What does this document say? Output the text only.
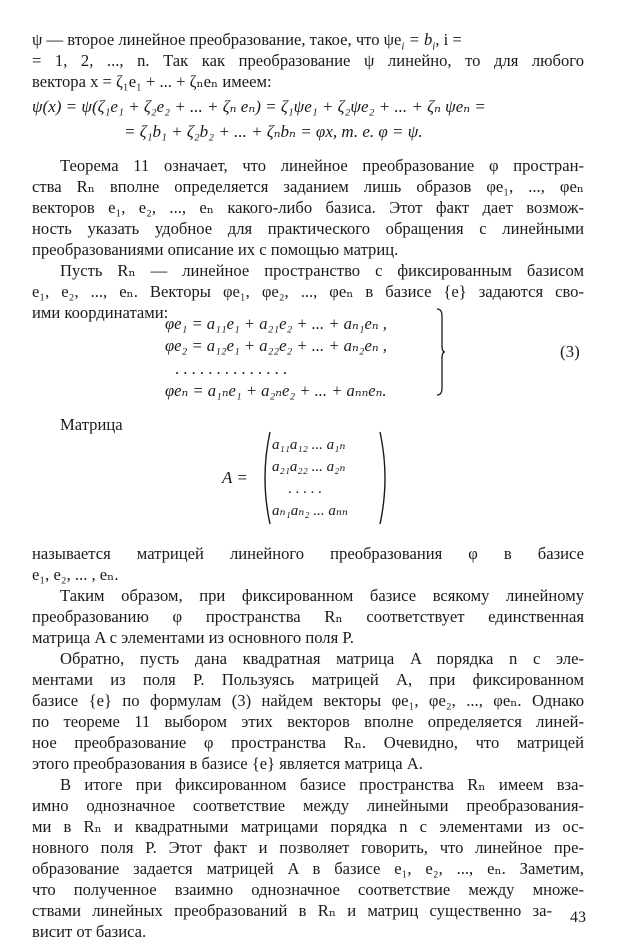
ψ — второе линейное преобразование, такое, что $\psi e_i = b_i$, i =
= 1, 2, ..., n. Так как преобразование ψ линейно, то для любого
вектора x = ζ₁e₁ + ... + ζₙeₙ имеем:
ψ(x) = ψ(ζ₁e₁ + ζ₂e₂ + ... + ζₙ eₙ) = ζ₁ψe₁ + ζ₂ψe₂ + ... + ζₙ ψeₙ =
= ζ₁b₁ + ζ₂b₂ + ... + ζₙbₙ = φx, т. е. φ = ψ.
Теорема 11 означает, что линейное преобразование φ простран-
ства Rₙ вполне определяется заданием лишь образов φe₁, ..., φeₙ
векторов e₁, e₂, ..., eₙ какого-либо базиса. Этот факт дает возмож-
ность указать удобное для практического обращения с линейными
преобразованиями описание их с помощью матриц.
Пусть Rₙ — линейное пространство с фиксированным базисом
e₁, e₂, ..., eₙ. Векторы φe₁, φe₂, ..., φeₙ в базисе {e} задаются сво-
ими координатами:
φe₁ = a₁₁e₁ + a₂₁e₂ + ... + aₙ₁eₙ ,
φe₂ = a₁₂e₁ + a₂₂e₂ + ... + aₙ₂eₙ ,
. . . . . . . . . . . . . .
φeₙ = a₁ₙe₁ + a₂ₙe₂ + ... + aₙₙeₙ.
(3)
Матрица
A =
a₁₁a₁₂ ... a₁ₙ
a₂₁a₂₂ ... a₂ₙ
. . . . .
aₙ₁aₙ₂ ... aₙₙ
называется матрицей линейного преобразования φ в базисе
e₁, e₂, ... , eₙ.
Таким образом, при фиксированном базисе всякому линейному
преобразованию φ пространства Rₙ соответствует единственная
матрица A с элементами из основного поля P.
Обратно, пусть дана квадратная матрица A порядка n с эле-
ментами из поля P. Пользуясь матрицей A, при фиксированном
базисе {e} по формулам (3) найдем векторы φe₁, φe₂, ..., φeₙ. Однако
по теореме 11 выбором этих векторов вполне определяется линей-
ное преобразование φ пространства Rₙ. Очевидно, что матрицей
этого преобразования в базисе {e} является матрица A.
В итоге при фиксированном базисе пространства Rₙ имеем вза-
имно однозначное соответствие между линейными преобразования-
ми в Rₙ и квадратными матрицами порядка n с элементами из ос-
новного поля P. Этот факт и позволяет говорить, что линейное пре-
образование задается матрицей A в базисе e₁, e₂, ..., eₙ. Заметим,
что полученное взаимно однозначное соответствие между множе-
ствами линейных преобразований в Rₙ и матриц существенно за-
висит от базиса.
43
